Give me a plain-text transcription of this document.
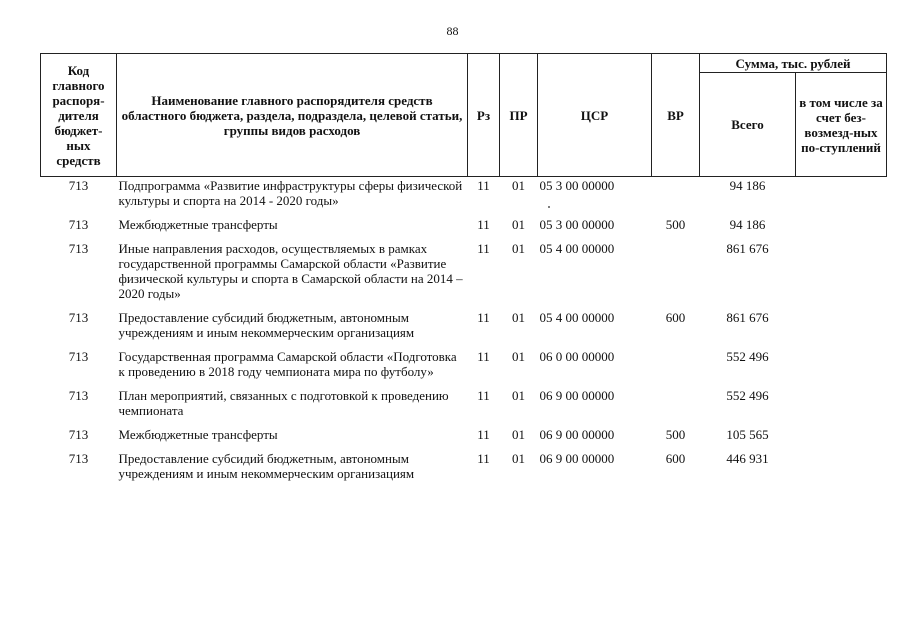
88
Код главного распоря-дителя бюджет-ных средств	Наименование главного распорядителя средств областного бюджета, раздела, подраздела, целевой статьи, группы видов расходов	Рз	ПР	ЦСР	ВР	Сумма, тыс. рублей	
						Всего	в том числе за счет без-возмезд-ных по-ступлений
713	Подпрограмма «Развитие инфраструктуры сферы физической культуры и спорта на 2014 - 2020 годы»	11	01	05 3 00 00000		94 186	
713	Межбюджетные трансферты	11	01	05 3 00 00000	500	94 186	
713	Иные направления расходов, осуществляемых в рамках государственной программы Самарской области «Развитие физической культуры и спорта в Самарской области на 2014 – 2020 годы»	11	01	05 4 00 00000		861 676	
713	Предоставление субсидий бюджетным, автономным учреждениям и иным некоммерческим организациям	11	01	05 4 00 00000	600	861 676	
713	Государственная программа Самарской области «Подготовка к проведению в 2018 году чемпионата мира по футболу»	11	01	06 0 00 00000		552 496	
713	План мероприятий, связанных с подготовкой к проведению чемпионата	11	01	06 9 00 00000		552 496	
713	Межбюджетные трансферты	11	01	06 9 00 00000	500	105 565	
713	Предоставление субсидий бюджетным, автономным учреждениям и иным некоммерческим организациям	11	01	06 9 00 00000	600	446 931	
